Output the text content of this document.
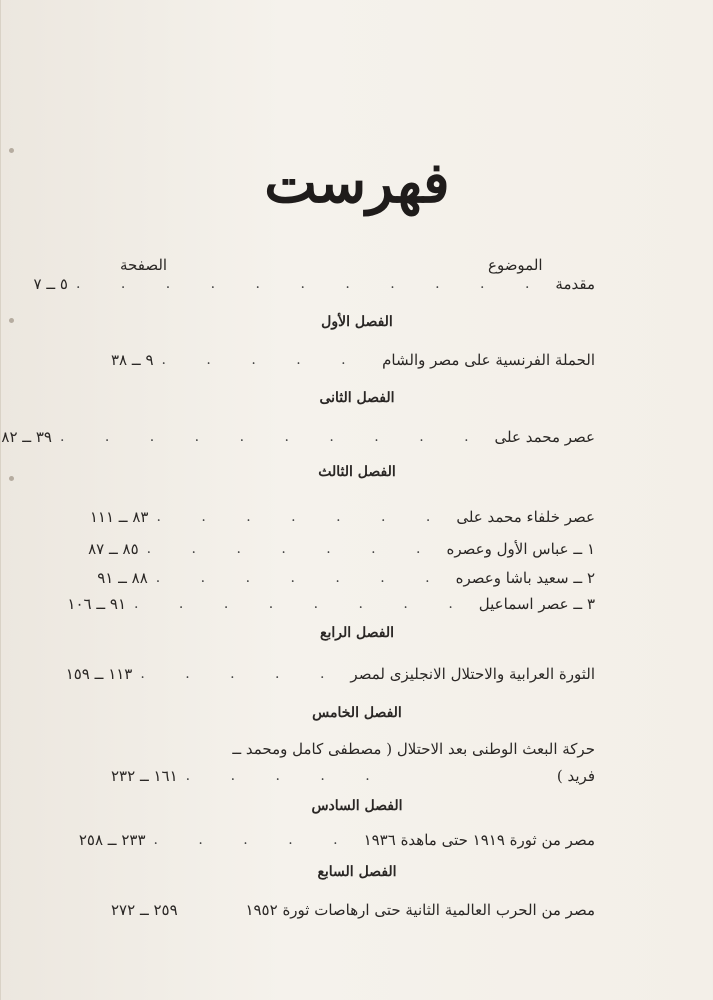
فهرست
الموضوع
الصفحة
مقدمة
. . . . . . . . . . .
٥ ــ ٧
الفصل الأول
الحملة الفرنسية على مصر والشام
. . . . .
٩ ــ ٣٨
الفصل الثانى
عصر محمد على
. . . . . . . . . .
٣٩ ــ ٨٢
الفصل الثالث
عصر خلفاء محمد على
. . . . . . .
٨٣ ــ ١١١
١ ــ عباس الأول وعصره
. . . . . . .
٨٥ ــ ٨٧
٢ ــ سعيد باشا وعصره
. . . . . . .
٨٨ ــ ٩١
٣ ــ عصر اسماعيل
. . . . . . . .
٩١ ــ ١٠٦
الفصل الرابع
الثورة العرابية والاحتلال الانجليزى لمصر
. . . . .
١١٣ ــ ١٥٩
الفصل الخامس
حركة البعث الوطنى بعد الاحتلال ( مصطفى كامل ومحمد ــ
فريد )
. . . . .
١٦١ ــ ٢٣٢
الفصل السادس
مصر من ثورة ١٩١٩ حتى ماهدة ١٩٣٦
. . . . .
٢٣٣ ــ ٢٥٨
الفصل السابع
مصر من الحرب العالمية الثانية حتى ارهاصات ثورة ١٩٥٢
٢٥٩ ــ ٢٧٢
